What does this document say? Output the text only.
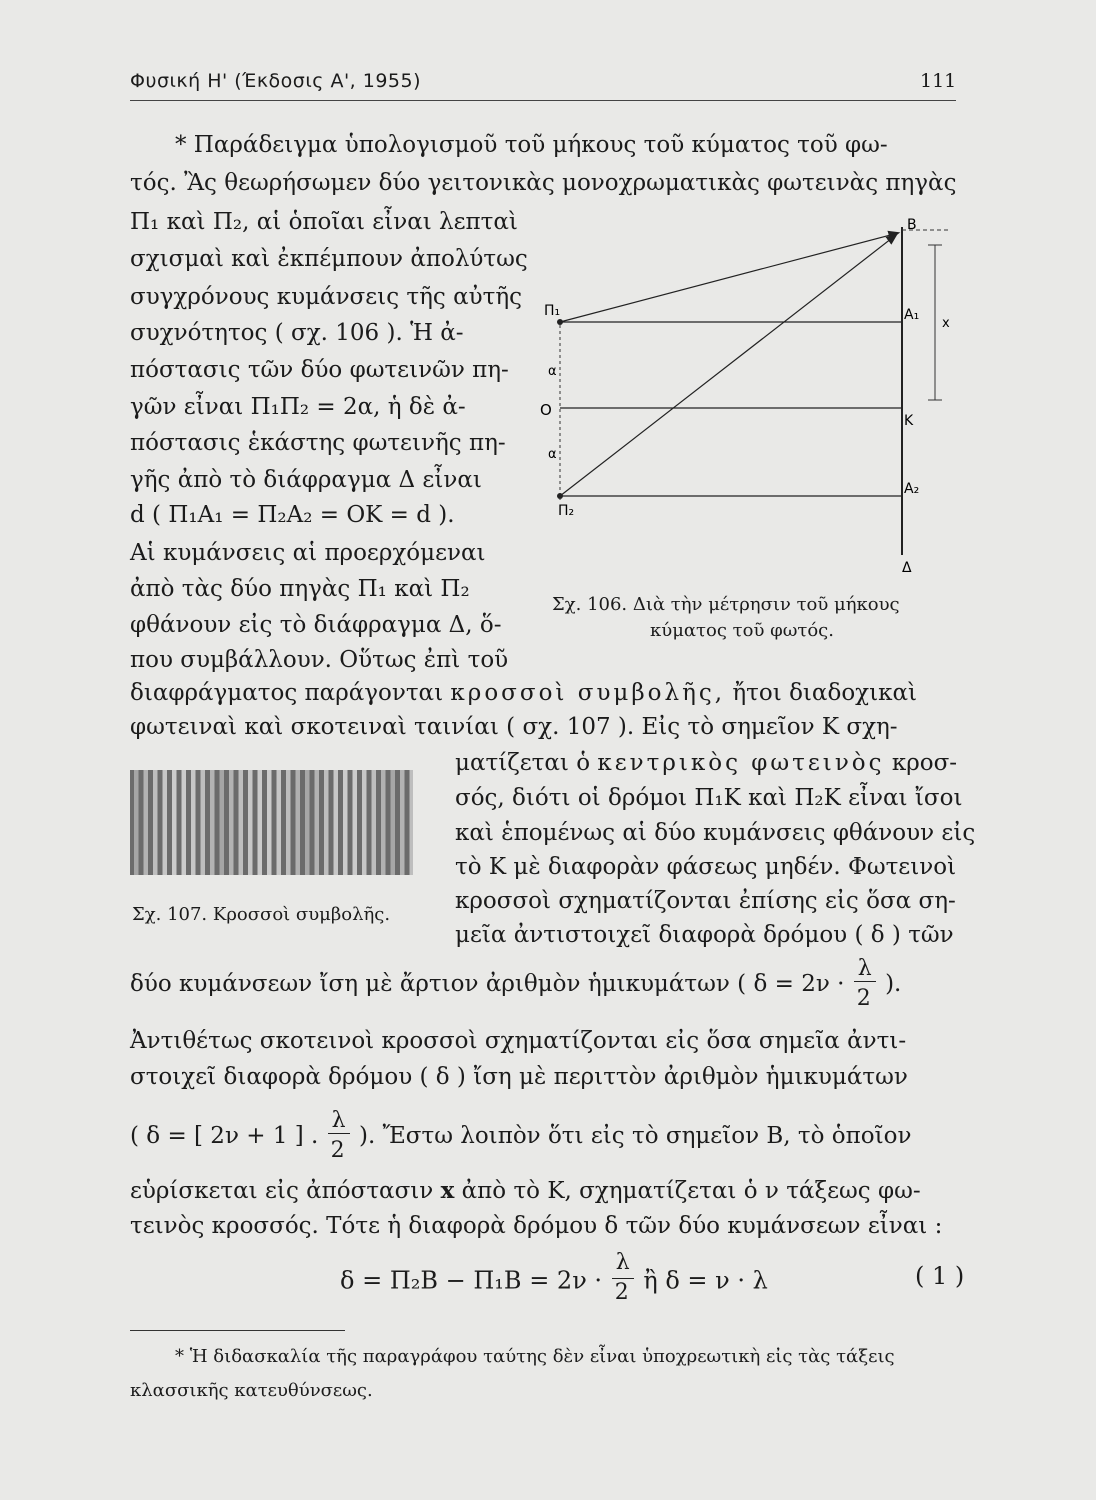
Φυσική Η' (Έκδοσις Α', 1955)	111
* Παράδειγμα ὑπολογισμοῦ τοῦ μήκους τοῦ κύματος τοῦ φω-
τός. Ἂς θεωρήσωμεν δύο γειτονικὰς μονοχρωματικὰς φωτεινὰς πηγὰς
Π₁ καὶ Π₂, αἱ ὁποῖαι εἶναι λεπταὶ
σχισμαὶ καὶ ἐκπέμπουν ἀπολύτως
συγχρόνους κυμάνσεις τῆς αὐτῆς
συχνότητος ( σχ. 106 ). Ἡ ἀ-
πόστασις τῶν δύο φωτεινῶν πη-
γῶν εἶναι Π₁Π₂ = 2α, ἡ δὲ ἀ-
πόστασις ἑκάστης φωτεινῆς πη-
γῆς ἀπὸ τὸ διάφραγμα Δ εἶναι
d ( Π₁Α₁ = Π₂Α₂ = ΟΚ = d ).
Αἱ κυμάνσεις αἱ προερχόμεναι
ἀπὸ τὰς δύο πηγὰς Π₁ καὶ Π₂
φθάνουν εἰς τὸ διάφραγμα Δ, ὅ-
που συμβάλλουν. Οὕτως ἐπὶ τοῦ
B
A₁
x
Π₁
α
O
K
α
A₂
Π₂
Δ
Σχ. 106. Διὰ τὴν μέτρησιν τοῦ μήκους
κύματος τοῦ φωτός.
διαφράγματος παράγονται κροσσοὶ συμβολῆς, ἤτοι διαδοχικαὶ
φωτειναὶ καὶ σκοτειναὶ ταινίαι ( σχ. 107 ). Εἰς τὸ σημεῖον Κ σχη-
ματίζεται ὁ κεντρικὸς φωτεινὸς κροσ-
σός, διότι οἱ δρόμοι Π₁Κ καὶ Π₂Κ εἶναι ἴσοι
καὶ ἑπομένως αἱ δύο κυμάνσεις φθάνουν εἰς
τὸ Κ μὲ διαφορὰν φάσεως μηδέν. Φωτεινοὶ
κροσσοὶ σχηματίζονται ἐπίσης εἰς ὅσα ση-
μεῖα ἀντιστοιχεῖ διαφορὰ δρόμου ( δ ) τῶν
Σχ. 107. Κροσσοὶ συμβολῆς.
δύο κυμάνσεων ἴση μὲ ἄρτιον ἀριθμὸν ἡμικυμάτων ( $\delta = 2\nu \cdot \frac{\lambda}{2}$ ).
Ἀντιθέτως σκοτεινοὶ κροσσοὶ σχηματίζονται εἰς ὅσα σημεῖα ἀντι-
στοιχεῖ διαφορὰ δρόμου ( δ ) ἴση μὲ περιττὸν ἀριθμὸν ἡμικυμάτων
( δ = [ 2ν + 1 ] . $\frac{\lambda}{2}$ ). Ἔστω λοιπὸν ὅτι εἰς τὸ σημεῖον Β, τὸ ὁποῖον
εὑρίσκεται εἰς ἀπόστασιν x ἀπὸ τὸ Κ, σχηματίζεται ὁ ν τάξεως φω-
τεινὸς κροσσός. Τότε ἡ διαφορὰ δρόμου δ τῶν δύο κυμάνσεων εἶναι :
$\delta = \Pi_2B - \Pi_1B = 2\nu \cdot \frac{\lambda}{2}$ ἢ δ = ν · λ	( 1 )
* Ἡ διδασκαλία τῆς παραγράφου ταύτης δὲν εἶναι ὑποχρεωτικὴ εἰς τὰς τάξεις
κλασσικῆς κατευθύνσεως.
